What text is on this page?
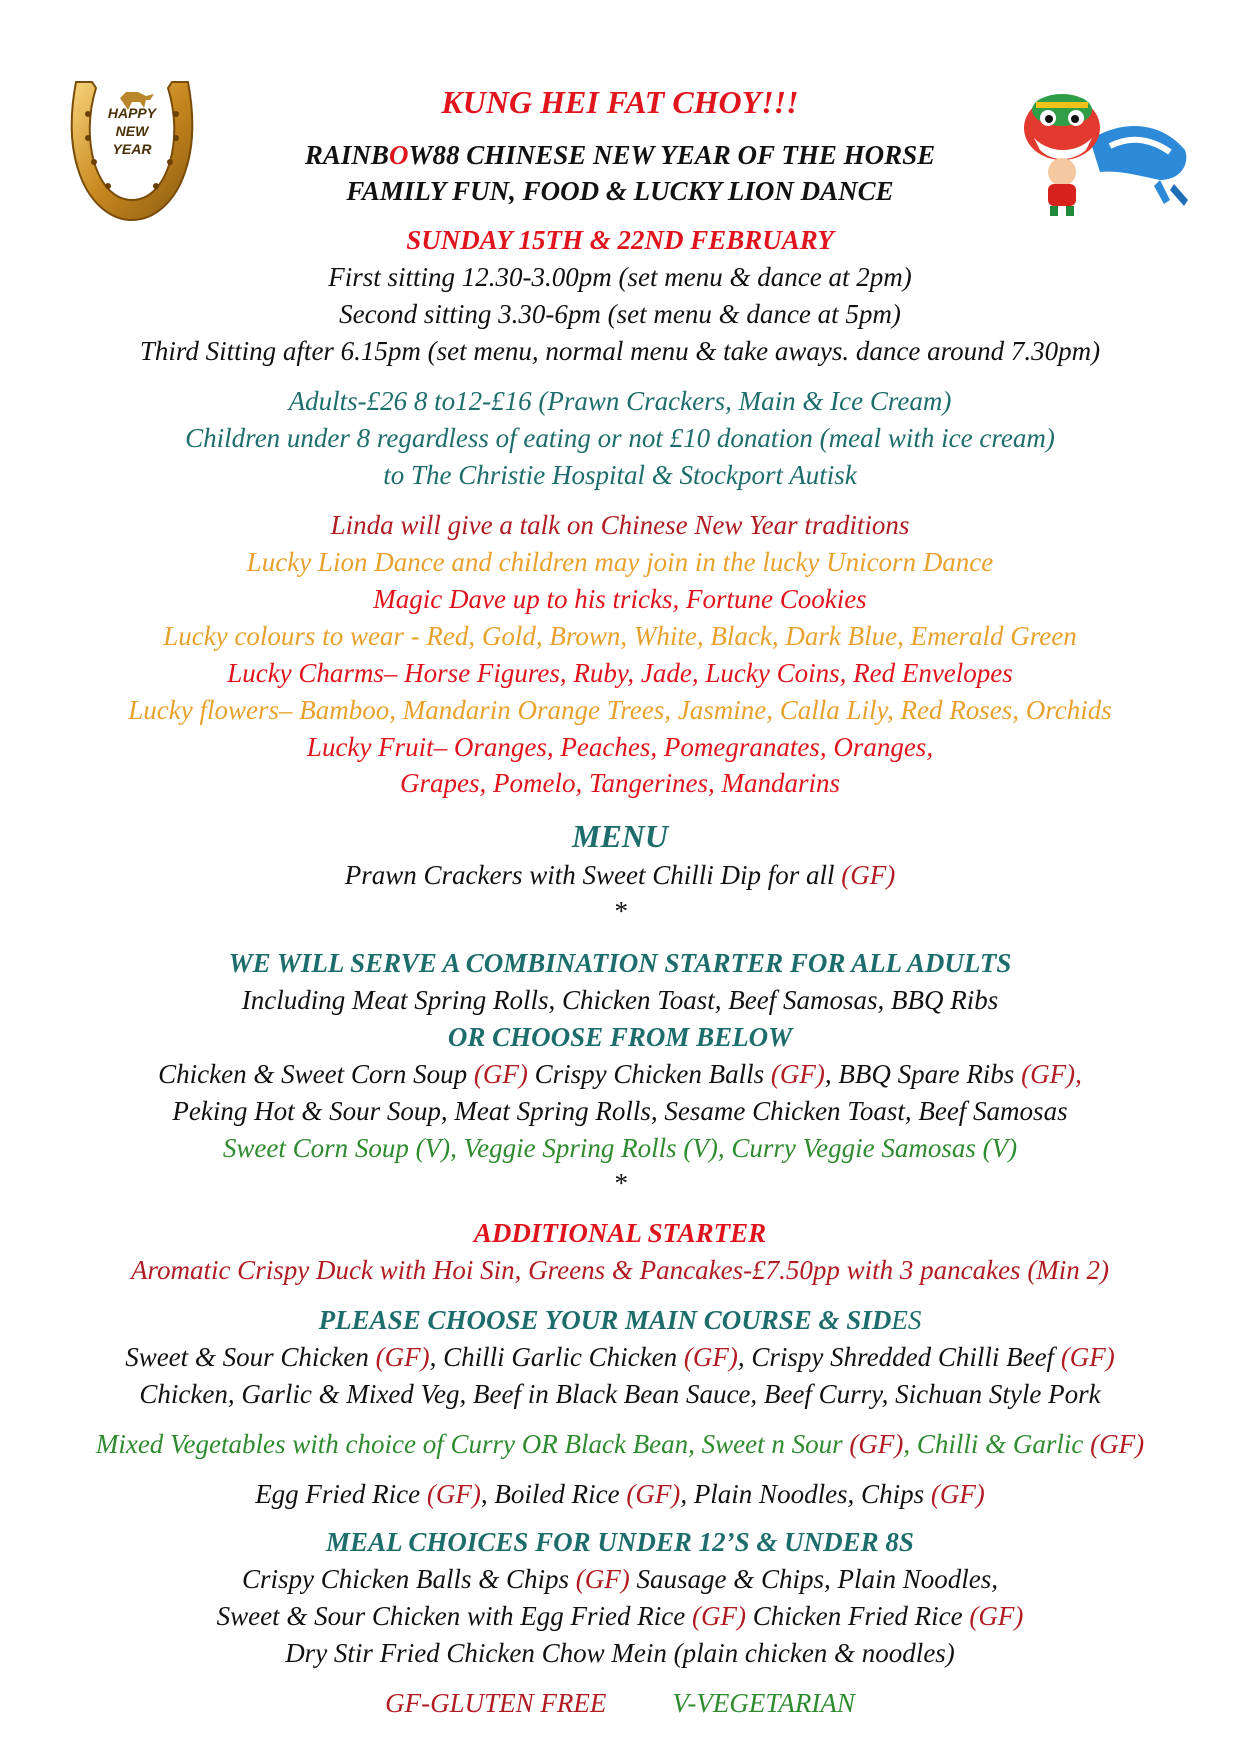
HAPPY
NEW
YEAR
KUNG HEI FAT CHOY!!!
RAINBOW88 CHINESE NEW YEAR OF THE HORSE
FAMILY FUN, FOOD & LUCKY LION DANCE
SUNDAY 15TH & 22ND FEBRUARY
First sitting 12.30-3.00pm (set menu & dance at 2pm)
Second sitting 3.30-6pm (set menu & dance at 5pm)
Third Sitting after 6.15pm (set menu, normal menu & take aways. dance around 7.30pm)
Adults-£26 8 to12-£16 (Prawn Crackers, Main & Ice Cream)
Children under 8 regardless of eating or not £10 donation (meal with ice cream)
to The Christie Hospital & Stockport Autisk
Linda will give a talk on Chinese New Year traditions
Lucky Lion Dance and children may join in the lucky Unicorn Dance
Magic Dave up to his tricks, Fortune Cookies
Lucky colours to wear - Red, Gold, Brown, White, Black, Dark Blue, Emerald Green
Lucky Charms– Horse Figures, Ruby, Jade, Lucky Coins, Red Envelopes
Lucky flowers– Bamboo, Mandarin Orange Trees, Jasmine, Calla Lily, Red Roses, Orchids
Lucky Fruit– Oranges, Peaches, Pomegranates, Oranges,
Grapes, Pomelo, Tangerines, Mandarins
MENU
Prawn Crackers with Sweet Chilli Dip for all (GF)
*
WE WILL SERVE A COMBINATION STARTER FOR ALL ADULTS
Including Meat Spring Rolls, Chicken Toast, Beef Samosas, BBQ Ribs
OR CHOOSE FROM BELOW
Chicken & Sweet Corn Soup (GF) Crispy Chicken Balls (GF), BBQ Spare Ribs (GF),
Peking Hot & Sour Soup, Meat Spring Rolls, Sesame Chicken Toast, Beef Samosas
Sweet Corn Soup (V), Veggie Spring Rolls (V), Curry Veggie Samosas (V)
*
ADDITIONAL STARTER
Aromatic Crispy Duck with Hoi Sin, Greens & Pancakes-£7.50pp with 3 pancakes (Min 2)
PLEASE CHOOSE YOUR MAIN COURSE & SIDES
Sweet & Sour Chicken (GF), Chilli Garlic Chicken (GF), Crispy Shredded Chilli Beef (GF)
Chicken, Garlic & Mixed Veg, Beef in Black Bean Sauce, Beef Curry, Sichuan Style Pork
Mixed Vegetables with choice of Curry OR Black Bean, Sweet n Sour (GF), Chilli & Garlic (GF)
Egg Fried Rice (GF), Boiled Rice (GF), Plain Noodles, Chips (GF)
MEAL CHOICES FOR UNDER 12’S & UNDER 8S
Crispy Chicken Balls & Chips (GF) Sausage & Chips, Plain Noodles,
Sweet & Sour Chicken with Egg Fried Rice (GF) Chicken Fried Rice (GF)
Dry Stir Fried Chicken Chow Mein (plain chicken & noodles)
GF-GLUTEN FREE V-VEGETARIAN
